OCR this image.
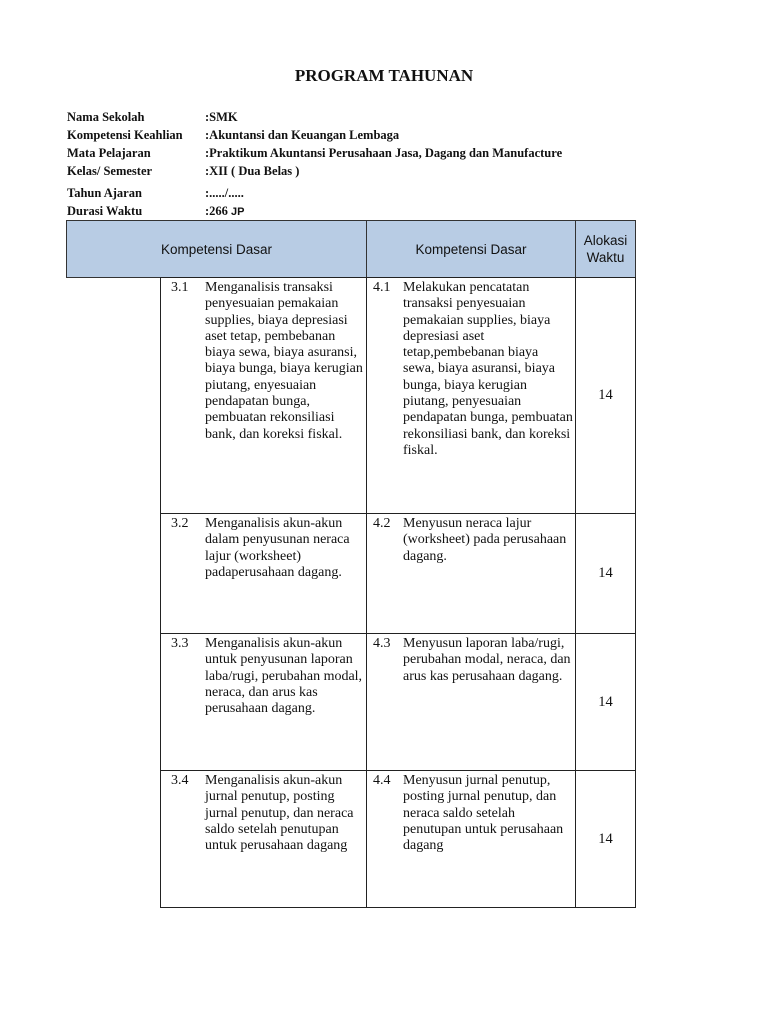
PROGRAM TAHUNAN
Nama Sekolah	:SMK
Kompetensi Keahlian :Akuntansi dan Keuangan Lembaga
Mata Pelajaran	:Praktikum Akuntansi Perusahaan Jasa, Dagang dan Manufacture
Kelas/ Semester	:XII ( Dua Belas )
Tahun Ajaran	:...../.....
Durasi Waktu	:266 JP
Kompetensi Dasar	Kompetensi Dasar
Alokasi Waktu
3.1 Menganalisis transaksi penyesuaian pemakaian supplies, biaya depresiasi aset tetap, pembebanan biaya sewa, biaya asuransi, biaya bunga, biaya kerugian piutang, enyesuaian pendapatan bunga, pembuatan rekonsiliasi bank, dan koreksi fiskal.
4.1 Melakukan pencatatan transaksi penyesuaian pemakaian supplies, biaya depresiasi aset tetap,pembebanan biaya sewa, biaya asuransi, biaya bunga, biaya kerugian piutang, penyesuaian pendapatan bunga, pembuatan rekonsiliasi bank, dan koreksi fiskal.
14
3.2 Menganalisis akun-akun dalam penyusunan neraca lajur (worksheet) padaperusahaan dagang.
4.2 Menyusun neraca lajur (worksheet) pada perusahaan dagang.
14
3.3 Menganalisis akun-akun untuk penyusunan laporan laba/rugi, perubahan modal, neraca, dan arus kas perusahaan dagang.
4.3 Menyusun laporan laba/rugi, perubahan modal, neraca, dan arus kas perusahaan dagang.
14
3.4 Menganalisis akun-akun jurnal penutup, posting jurnal penutup, dan neraca saldo setelah penutupan untuk perusahaan dagang
4.4 Menyusun jurnal penutup, posting jurnal penutup, dan neraca saldo setelah penutupan untuk perusahaan dagang	14
